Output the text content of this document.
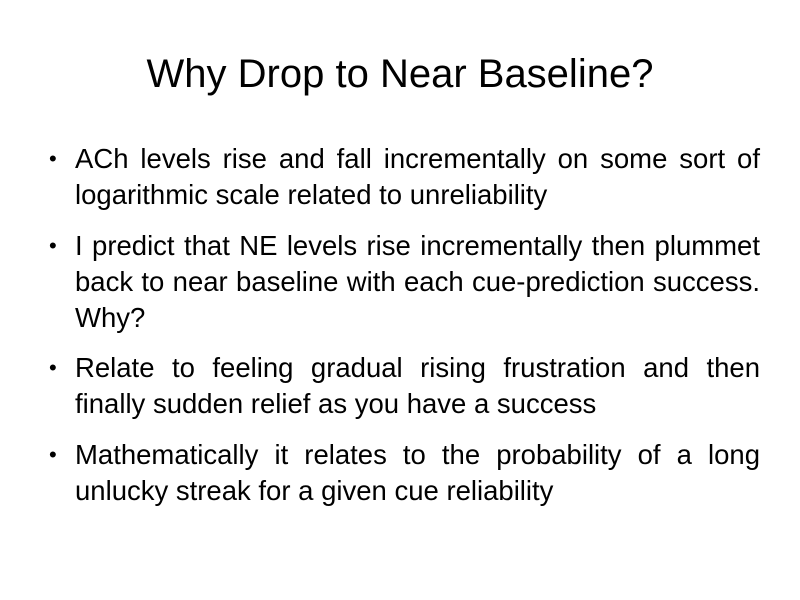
Why Drop to Near Baseline?
• ACh levels rise and fall incrementally on some sort of logarithmic scale related to unreliability
• I predict that NE levels rise incrementally then plummet back to near baseline with each cue-prediction success. Why?
• Relate to feeling gradual rising frustration and then finally sudden relief as you have a success
• Mathematically it relates to the probability of a long unlucky streak for a given cue reliability
